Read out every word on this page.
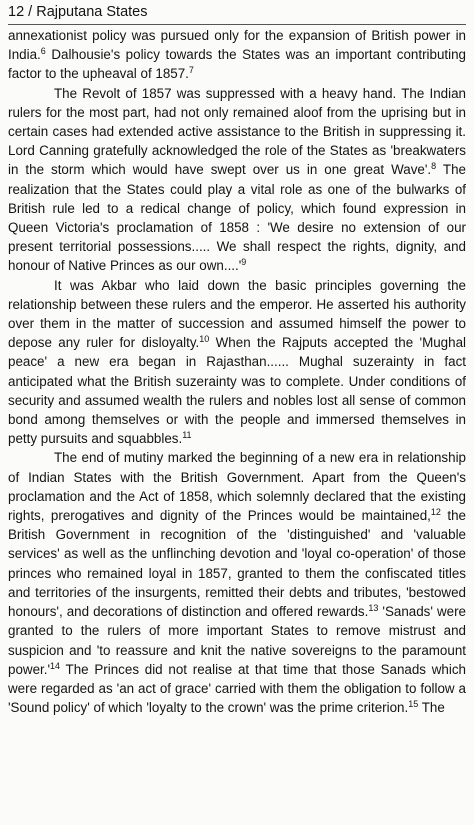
12 / Rajputana States

annexationist policy was pursued only for the expansion of British power in India.$^6$ Dalhousie's policy towards the States was an important contributing factor to the upheaval of 1857.$^7$

The Revolt of 1857 was suppressed with a heavy hand. The Indian rulers for the most part, had not only remained aloof from the uprising but in certain cases had extended active assistance to the British in suppressing it. Lord Canning gratefully acknowledged the role of the States as 'breakwaters in the storm which would have swept over us in one great Wave'.$^8$ The realization that the States could play a vital role as one of the bulwarks of British rule led to a redical change of policy, which found expression in Queen Victoria's proclamation of 1858 : 'We desire no extension of our present territorial possessions..... We shall respect the rights, dignity, and honour of Native Princes as our $own....'^9$

It was Akbar who laid down the basic principles governing the relationship between these rulers and the emperor. He asserted his authority over them in the matter of succession and assumed himself the power to depose any ruler for disloyalty.$^{10}$ When the Rajputs accepted the 'Mughal peace' a new era began in Rajasthan...... Mughal suzerainty in fact anticipated what the British suzerainty was to complete. Under conditions of security and assumed wealth the rulers and nobles lost all sense of common bond among themselves or with the people and immersed themselves in petty pursuits and squabbles.$^{11}$

The end of mutiny marked the beginning of a new era in relationship of Indian States with the British Government. Apart from the Queen's proclamation and the Act of 1858, which solemnly declared that the existing rights, prerogatives and dignity of the Princes would be maintained,$^{12}$ the British Government in recognition of the 'distinguished' and 'valuable services' as well as the unflinching devotion and 'loyal co-operation' of those princes who remained loyal in 1857, granted to them the confiscated titles and territories of the insurgents, remitted their debts and tributes, 'bestowed honours', and decorations of distinction and offered rewards.$^{13}$ 'Sanads' were granted to the rulers of more important States to remove mistrust and suspicion and 'to reassure and knit the native sovereigns to the paramount $power.'^{14}$ The Princes did not realise at that time that those Sanads which were regarded as 'an act of grace' carried with them the obligation to follow a 'Sound policy' of which 'loyalty to the crown' was the prime criterion.$^{15}$ The
